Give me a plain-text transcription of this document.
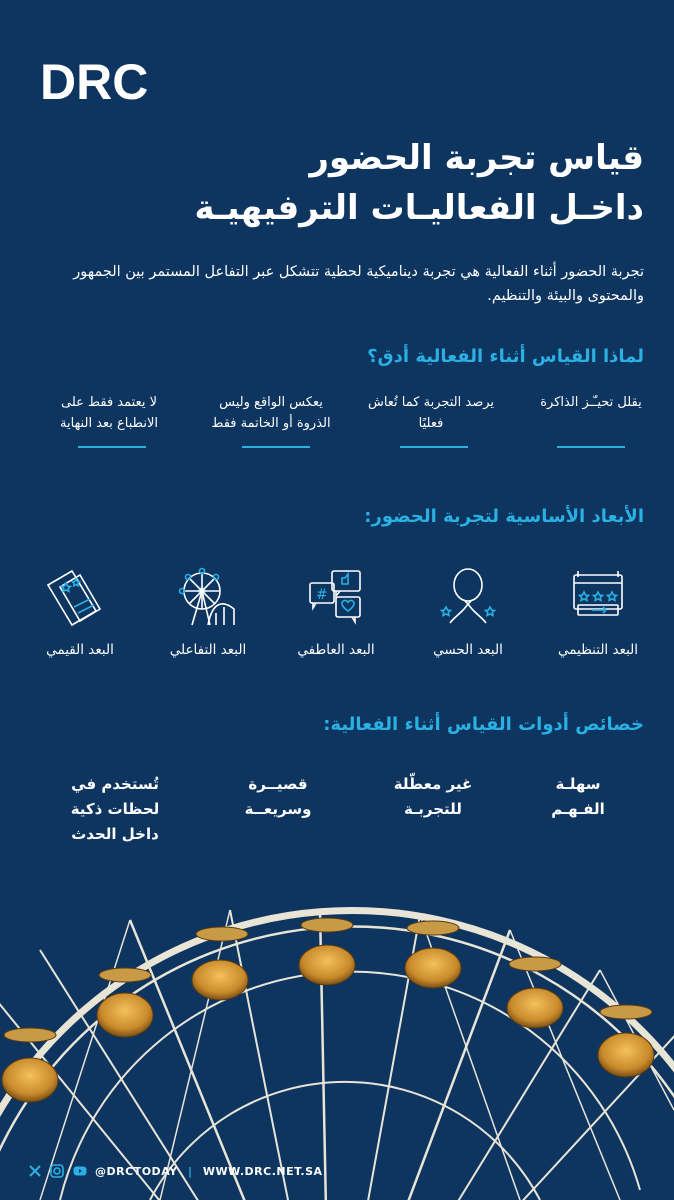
DRC
قياس تجربة الحضور
داخـل الفعاليـات الترفيهيـة
تجربة الحضور أثناء الفعالية هي تجربة ديناميكية لحظية تتشكل عبر التفاعل المستمر بين الجمهور والمحتوى والبيئة والتنظيم.
لماذا القياس أثناء الفعالية أدق؟
يقلل تحيـّـز الذاكرة
يرصد التجربة كما تُعاش فعليًا
يعكس الواقع وليس الذروة أو الخاتمة فقط
لا يعتمد فقط على الانطباع بعد النهاية
الأبعاد الأساسية لتجربة الحضور:
#
البعد التنظيمي
البعد الحسي
البعد العاطفي
البعد التفاعلي
البعد القيمي
خصائص أدوات القياس أثناء الفعالية:
سهلـة الفـهـم
غير معطّلة للتجربـة
قصيــرة وسريعــة
تُستخدم في لحظات ذكية داخل الحدث
@DRCTODAY | WWW.DRC.NET.SA
